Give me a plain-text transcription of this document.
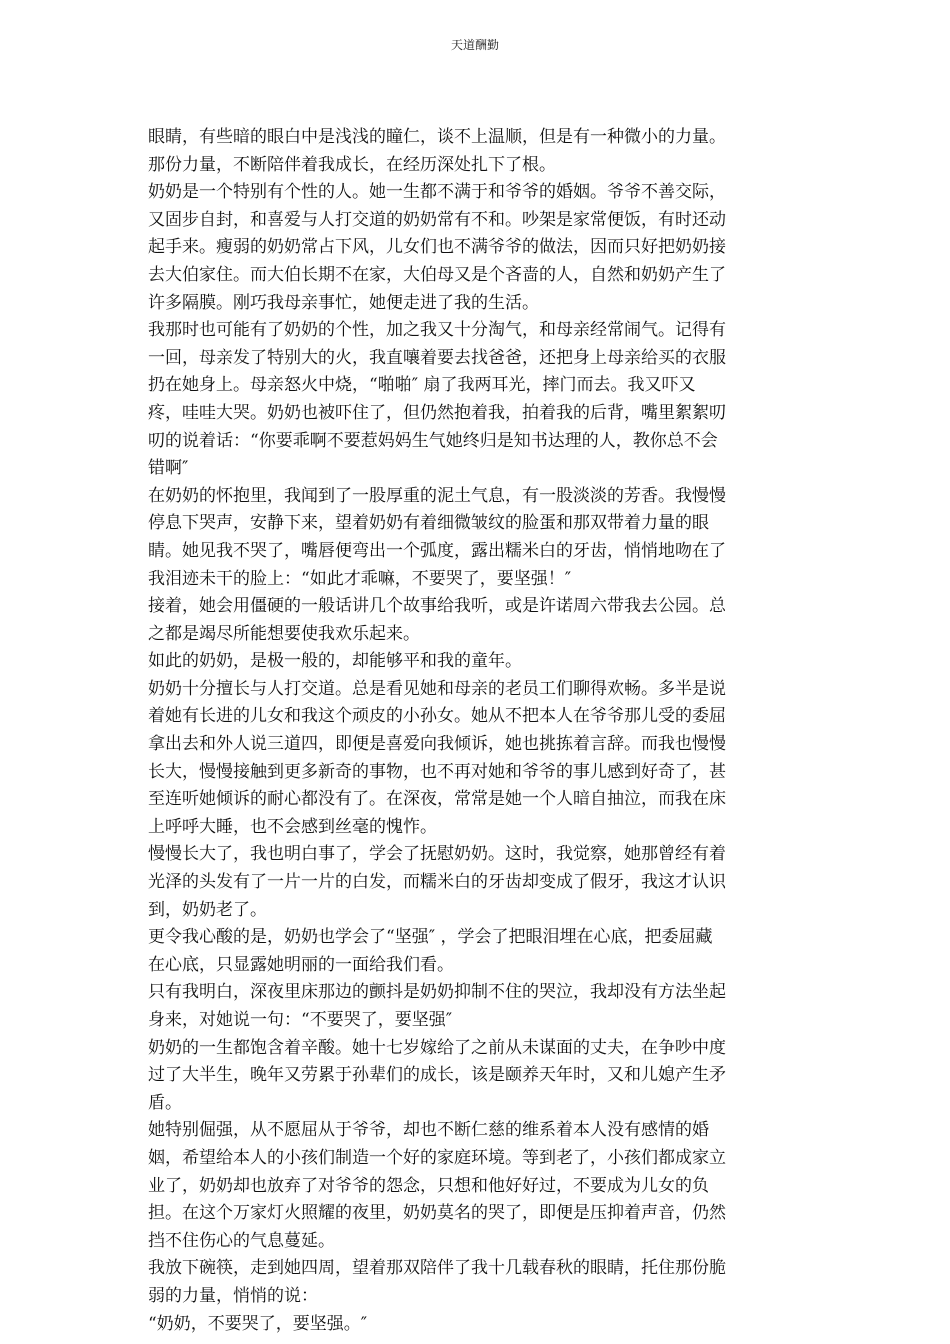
天道酬勤
眼睛，有些暗的眼白中是浅浅的瞳仁，谈不上温顺，但是有一种微小的力量。
那份力量，不断陪伴着我成长，在经历深处扎下了根。
奶奶是一个特别有个性的人。她一生都不满于和爷爷的婚姻。爷爷不善交际，
又固步自封，和喜爱与人打交道的奶奶常有不和。吵架是家常便饭，有时还动
起手来。瘦弱的奶奶常占下风，儿女们也不满爷爷的做法，因而只好把奶奶接
去大伯家住。而大伯长期不在家，大伯母又是个吝啬的人，自然和奶奶产生了
许多隔膜。刚巧我母亲事忙，她便走进了我的生活。
我那时也可能有了奶奶的个性，加之我又十分淘气，和母亲经常闹气。记得有
一回，母亲发了特别大的火，我直嚷着要去找爸爸，还把身上母亲给买的衣服
扔在她身上。母亲怒火中烧，“啪啪″ 扇了我两耳光，摔门而去。我又吓又
疼，哇哇大哭。奶奶也被吓住了，但仍然抱着我，拍着我的后背，嘴里絮絮叨
叨的说着话：“你要乖啊不要惹妈妈生气她终归是知书达理的人，教你总不会
错啊″
在奶奶的怀抱里，我闻到了一股厚重的泥土气息，有一股淡淡的芳香。我慢慢
停息下哭声，安静下来，望着奶奶有着细微皱纹的脸蛋和那双带着力量的眼
睛。她见我不哭了，嘴唇便弯出一个弧度，露出糯米白的牙齿，悄悄地吻在了
我泪迹未干的脸上：“如此才乖嘛，不要哭了，要坚强！″
接着，她会用僵硬的一般话讲几个故事给我听，或是许诺周六带我去公园。总
之都是竭尽所能想要使我欢乐起来。
如此的奶奶，是极一般的，却能够平和我的童年。
奶奶十分擅长与人打交道。总是看见她和母亲的老员工们聊得欢畅。多半是说
着她有长进的儿女和我这个顽皮的小孙女。她从不把本人在爷爷那儿受的委屈
拿出去和外人说三道四，即便是喜爱向我倾诉，她也挑拣着言辞。而我也慢慢
长大，慢慢接触到更多新奇的事物，也不再对她和爷爷的事儿感到好奇了，甚
至连听她倾诉的耐心都没有了。在深夜，常常是她一个人暗自抽泣，而我在床
上呼呼大睡，也不会感到丝毫的愧怍。
慢慢长大了，我也明白事了，学会了抚慰奶奶。这时，我觉察，她那曾经有着
光泽的头发有了一片一片的白发，而糯米白的牙齿却变成了假牙，我这才认识
到，奶奶老了。
更令我心酸的是，奶奶也学会了“坚强″ ，学会了把眼泪埋在心底，把委屈藏
在心底，只显露她明丽的一面给我们看。
只有我明白，深夜里床那边的颤抖是奶奶抑制不住的哭泣，我却没有方法坐起
身来，对她说一句：“不要哭了，要坚强″
奶奶的一生都饱含着辛酸。她十七岁嫁给了之前从未谋面的丈夫，在争吵中度
过了大半生，晚年又劳累于孙辈们的成长，该是颐养天年时，又和儿媳产生矛
盾。
她特别倔强，从不愿屈从于爷爷，却也不断仁慈的维系着本人没有感情的婚
姻，希望给本人的小孩们制造一个好的家庭环境。等到老了，小孩们都成家立
业了，奶奶却也放弃了对爷爷的怨念，只想和他好好过，不要成为儿女的负
担。在这个万家灯火照耀的夜里，奶奶莫名的哭了，即便是压抑着声音，仍然
挡不住伤心的气息蔓延。
我放下碗筷，走到她四周，望着那双陪伴了我十几载春秋的眼睛，托住那份脆
弱的力量，悄悄的说：
“奶奶，不要哭了，要坚强。″
